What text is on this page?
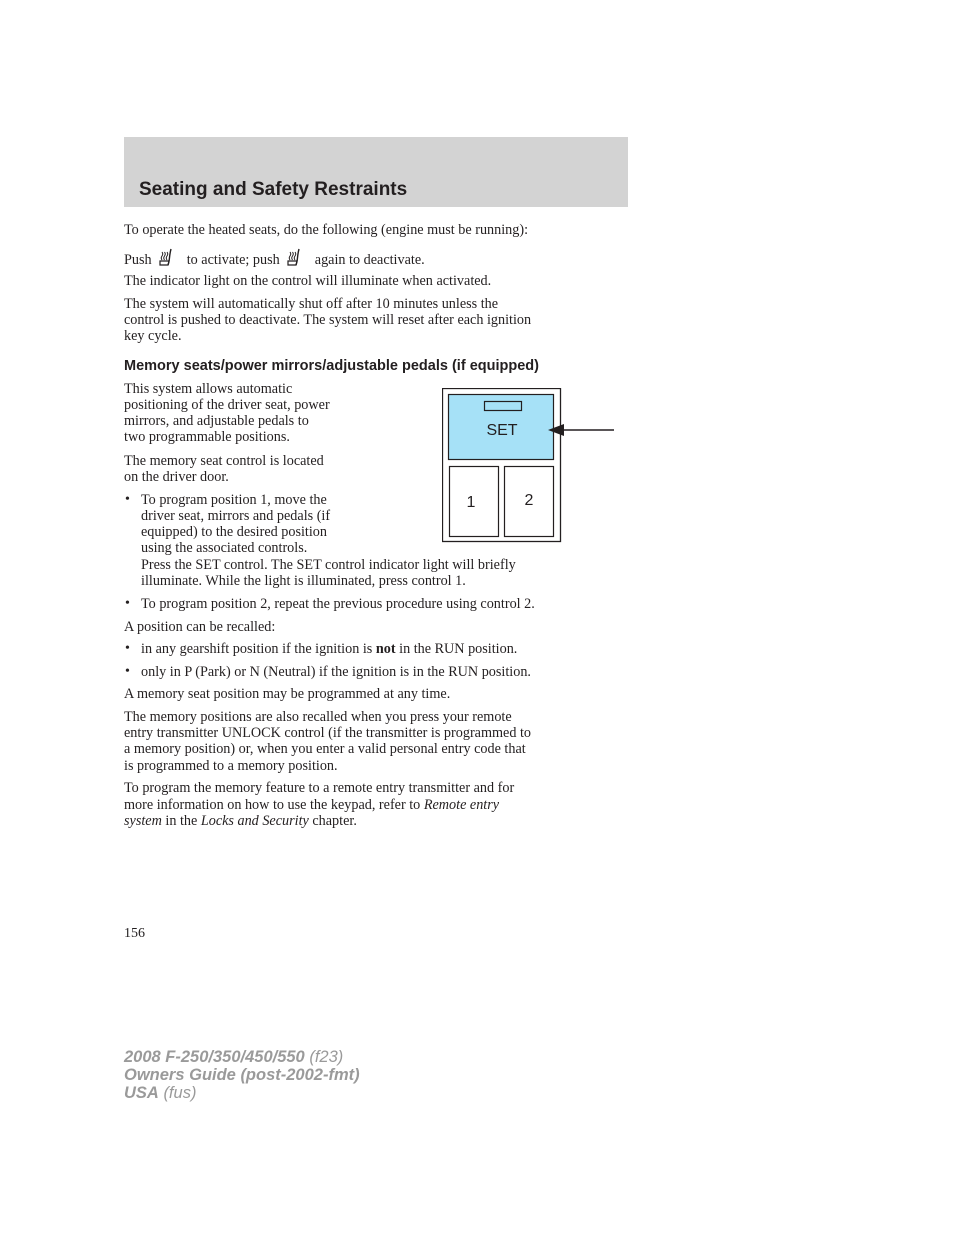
Seating and Safety Restraints

To operate the heated seats, do the following (engine must be running):

Push to activate; push again to deactivate.

The indicator light on the control will illuminate when activated.

The system will automatically shut off after 10 minutes unless the

control is pushed to deactivate. The system will reset after each ignition

key cycle.

Memory seats/power mirrors/adjustable pedals (if equipped)

This system allows automatic

positioning of the driver seat, power

mirrors, and adjustable pedals to

two programmable positions.

The memory seat control is located

on the driver door.

• To program position 1, move the

driver seat, mirrors and pedals (if

equipped) to the desired position

using the associated controls.

Press the SET control. The SET control indicator light will briefly

illuminate. While the light is illuminated, press control 1.

• To program position 2, repeat the previous procedure using control 2.

A position can be recalled:

• in any gearshift position if the ignition is not in the RUN position.

• only in P (Park) or N (Neutral) if the ignition is in the RUN position.

A memory seat position may be programmed at any time.

The memory positions are also recalled when you press your remote

entry transmitter UNLOCK control (if the transmitter is programmed to

a memory position) or, when you enter a valid personal entry code that

is programmed to a memory position.

To program the memory feature to a remote entry transmitter and for

more information on how to use the keypad, refer to Remote entry

system in the Locks and Security chapter.

SET
1	2
156
2008 F-250/350/450/550 (f23)
Owners Guide (post-2002-fmt)
USA (fus)
